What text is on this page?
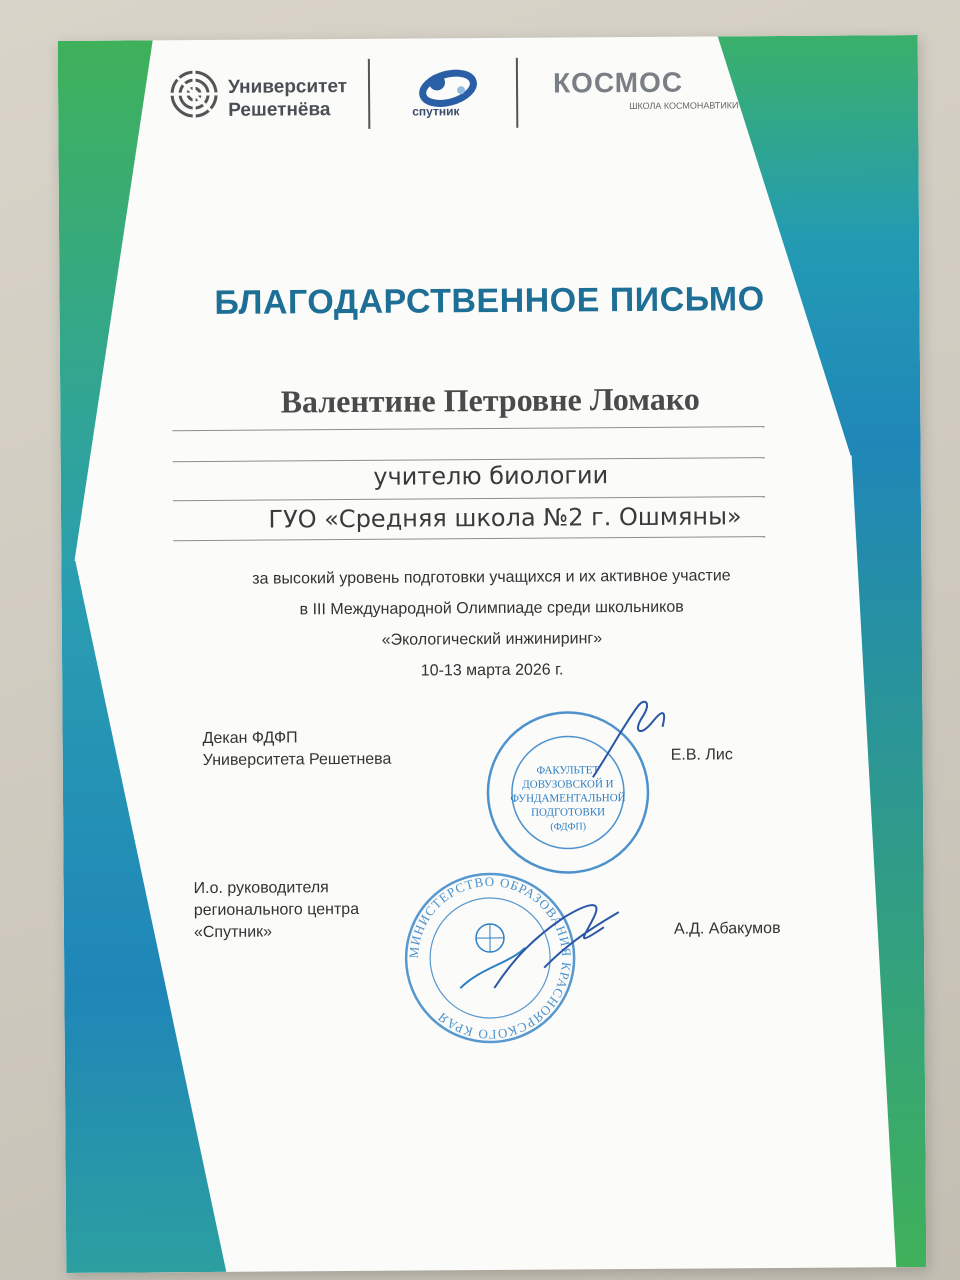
Университет
Решетнёва	спутник
КОСМОС
ШКОЛА КОСМОНАВТИКИ
БЛАГОДАРСТВЕННОЕ ПИСЬМО
Валентине Петровне Ломако
учителю биологии
ГУО «Средняя школа №2 г. Ошмяны»
за высокий уровень подготовки учащихся и их активное участие
в III Международной Олимпиаде среди школьников
«Экологический инжиниринг»
10-13 марта 2026 г.
Декан ФДФП
Университета Решетнева	Е.В. Лис
ФАКУЛЬТЕТ
ДОВУЗОВСКОЙ И
ФУНДАМЕНТАЛЬНОЙ
ПОДГОТОВКИ
(ФДФП)
И.о. руководителя
регионального центра
«Спутник»	А.Д. Абакумов
МИНИСТЕРСТВО ОБРАЗОВАНИЯ КРАСНОЯРСКОГО КРАЯ
